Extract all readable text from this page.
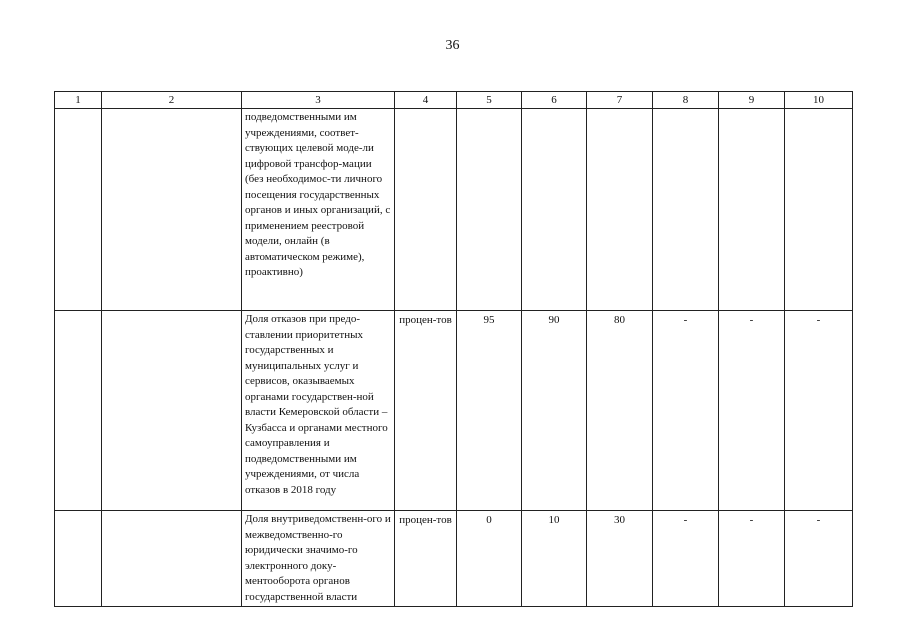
36
1	2	3	4	5	6	7	8	9	10
		подведомственными им учреждениями, соответ-ствующих целевой моде-ли цифровой трансфор-мации (без необходимос-ти личного посещения государственных органов и иных организаций, с применением реестровой модели, онлайн (в автоматическом режиме), проактивно)							
		Доля отказов при предо-ставлении приоритетных государственных и муниципальных услуг и сервисов, оказываемых органами государствен-ной власти Кемеровской области – Кузбасса и органами местного самоуправления и подведомственными им учреждениями, от числа отказов в 2018 году	процен-тов	95	90	80	-	-	-
		Доля внутриведомственн-ого и межведомственно-го юридически значимо-го электронного доку-ментооборота органов государственной власти	процен-тов	0	10	30	-	-	-
